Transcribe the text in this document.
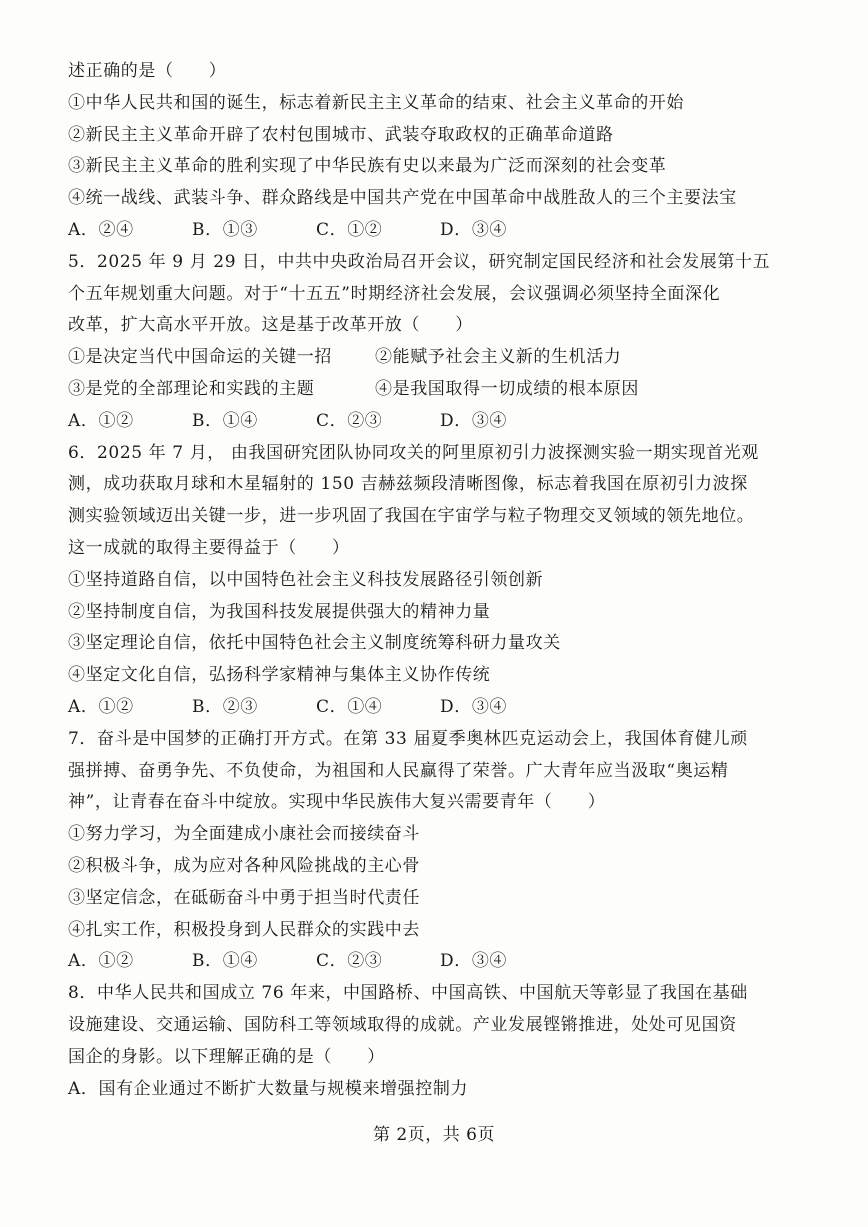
述正确的是（　　）
①中华人民共和国的诞生，标志着新民主主义革命的结束、社会主义革命的开始
②新民主主义革命开辟了农村包围城市、武装夺取政权的正确革命道路
③新民主主义革命的胜利实现了中华民族有史以来最为广泛而深刻的社会变革
④统一战线、武装斗争、群众路线是中国共产党在中国革命中战胜敌人的三个主要法宝
A．②④	B．①③	C．①②	D．③④
5．2025 年 9 月 29 日，中共中央政治局召开会议，研究制定国民经济和社会发展第十五
个五年规划重大问题。对于“十五五”时期经济社会发展，会议强调必须坚持全面深化
改革，扩大高水平开放。这是基于改革开放（　　）
①是决定当代中国命运的关键一招	②能赋予社会主义新的生机活力
③是党的全部理论和实践的主题	④是我国取得一切成绩的根本原因
A．①②	B．①④	C．②③	D．③④
6．2025 年 7 月， 由我国研究团队协同攻关的阿里原初引力波探测实验一期实现首光观
测，成功获取月球和木星辐射的 150 吉赫兹频段清晰图像，标志着我国在原初引力波探
测实验领域迈出关键一步，进一步巩固了我国在宇宙学与粒子物理交叉领域的领先地位。
这一成就的取得主要得益于（　　）
①坚持道路自信，以中国特色社会主义科技发展路径引领创新
②坚持制度自信，为我国科技发展提供强大的精神力量
③坚定理论自信，依托中国特色社会主义制度统筹科研力量攻关
④坚定文化自信，弘扬科学家精神与集体主义协作传统
A．①②	B．②③	C．①④	D．③④
7．奋斗是中国梦的正确打开方式。在第 33 届夏季奥林匹克运动会上，我国体育健儿顽
强拼搏、奋勇争先、不负使命，为祖国和人民赢得了荣誉。广大青年应当汲取“奥运精
神”，让青春在奋斗中绽放。实现中华民族伟大复兴需要青年（　　）
①努力学习，为全面建成小康社会而接续奋斗
②积极斗争，成为应对各种风险挑战的主心骨
③坚定信念，在砥砺奋斗中勇于担当时代责任
④扎实工作，积极投身到人民群众的实践中去
A．①②	B．①④	C．②③	D．③④
8．中华人民共和国成立 76 年来，中国路桥、中国高铁、中国航天等彰显了我国在基础
设施建设、交通运输、国防科工等领域取得的成就。产业发展铿锵推进，处处可见国资
国企的身影。以下理解正确的是（　　）
A．国有企业通过不断扩大数量与规模来增强控制力
第 2页，共 6页
